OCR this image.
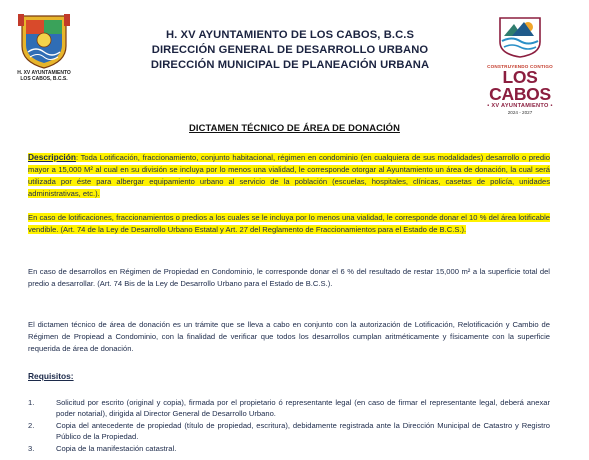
H. XV AYUNTAMIENTO
LOS CABOS, B.C.S.
H. XV AYUNTAMIENTO DE LOS CABOS, B.C.S
DIRECCIÓN GENERAL DE DESARROLLO URBANO
DIRECCIÓN MUNICIPAL DE PLANEACIÓN URBANA	CONSTRUYENDO CONTIGO
LOS CABOS
• XV AYUNTAMIENTO •
2024 - 2027
DICTAMEN TÉCNICO DE ÁREA DE DONACIÓN
Descripción: Toda Lotificación, fraccionamiento, conjunto habitacional, régimen en condominio (en cualquiera de sus modalidades) desarrollo o predio mayor a 15,000 M² al cual en su división se incluya por lo menos una vialidad, le corresponde otorgar al Ayuntamiento un área de donación, la cual será utilizada por éste para albergar equipamiento urbano al servicio de la población (escuelas, hospitales, clínicas, casetas de policía, unidades administrativas, etc.).
En caso de lotificaciones, fraccionamientos o predios a los cuales se le incluya por lo menos una vialidad, le corresponde donar el 10 % del área lotificable vendible. (Art. 74 de la Ley de Desarrollo Urbano Estatal y Art. 27 del Reglamento de Fraccionamientos para el Estado de B.C.S.).
En caso de desarrollos en Régimen de Propiedad en Condominio, le corresponde donar el 6 % del resultado de restar 15,000 m² a la superficie total del predio a desarrollar. (Art. 74 Bis de la Ley de Desarrollo Urbano para el Estado de B.C.S.).
El dictamen técnico de área de donación es un trámite que se lleva a cabo en conjunto con la autorización de Lotificación, Relotificación y Cambio de Régimen de Propiead a Condominio, con la finalidad de verificar que todos los desarrollos cumplan aritméticamente y físicamente con la superficie requerida de área de donación.
Requisitos:
1.	Solicitud por escrito (original y copia), firmada por el propietario ó representante legal (en caso de firmar el representante legal, deberá anexar poder notarial), dirigida al Director General de Desarrollo Urbano.
2.	Copia del antecedente de propiedad (título de propiedad, escritura), debidamente registrada ante la Dirección Municipal de Catastro y Registro Público de la Propiedad.
3.	Copia de la manifestación catastral.
